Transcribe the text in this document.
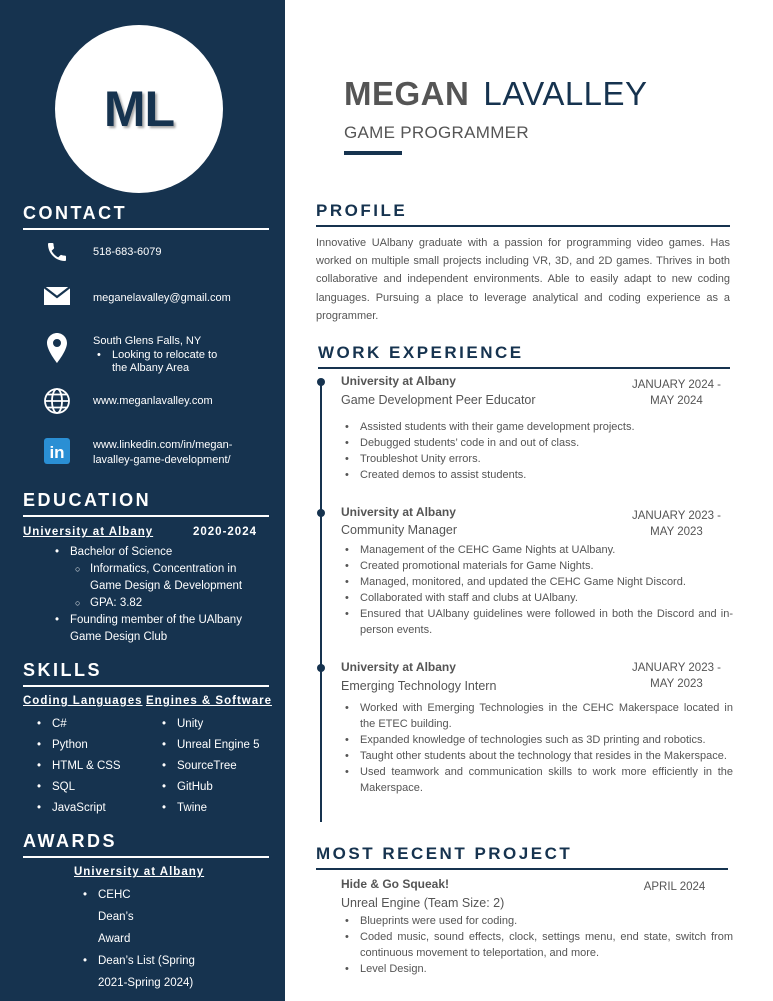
ML
CONTACT
518-683-6079
meganelavalley@gmail.com
South Glens Falls, NY
• Looking to relocate to the Albany Area
www.meganlavalley.com
in	www.linkedin.com/in/megan-lavalley-game-development/
EDUCATION
University at Albany	2020-2024
• Bachelor of Science
○ Informatics, Concentration in Game Design & Development
○ GPA: 3.82
• Founding member of the UAlbany Game Design Club
SKILLS
Coding Languages Engines & Software
• C#
• Python
• HTML & CSS
• SQL
• JavaScript
• Unity
• Unreal Engine 5
• SourceTree
• GitHub
• Twine
AWARDS
University at Albany
• CEHC Dean’s Award
• Dean’s List (Spring 2021-Spring 2024)
MEGAN LAVALLEY
GAME PROGRAMMER
PROFILE
Innovative UAlbany graduate with a passion for programming video games. Has worked on multiple small projects including VR, 3D, and 2D games. Thrives in both collaborative and independent environments. Able to easily adapt to new coding languages. Pursuing a place to leverage analytical and coding experience as a programmer.
WORK EXPERIENCE
University at Albany
Game Development Peer Educator
JANUARY 2024 - MAY 2024
• Assisted students with their game development projects.
• Debugged students’ code in and out of class.
• Troubleshot Unity errors.
• Created demos to assist students.
University at Albany
Community Manager
JANUARY 2023 - MAY 2023
• Management of the CEHC Game Nights at UAlbany.
• Created promotional materials for Game Nights.
• Managed, monitored, and updated the CEHC Game Night Discord.
• Collaborated with staff and clubs at UAlbany.
• Ensured that UAlbany guidelines were followed in both the Discord and in-person events.
University at Albany
Emerging Technology Intern
JANUARY 2023 - MAY 2023
• Worked with Emerging Technologies in the CEHC Makerspace located in the ETEC building.
• Expanded knowledge of technologies such as 3D printing and robotics.
• Taught other students about the technology that resides in the Makerspace.
• Used teamwork and communication skills to work more efficiently in the Makerspace.
MOST RECENT PROJECT
Hide & Go Squeak!
Unreal Engine (Team Size: 2)
APRIL 2024
• Blueprints were used for coding.
• Coded music, sound effects, clock, settings menu, end state, switch from continuous movement to teleportation, and more.
• Level Design.
